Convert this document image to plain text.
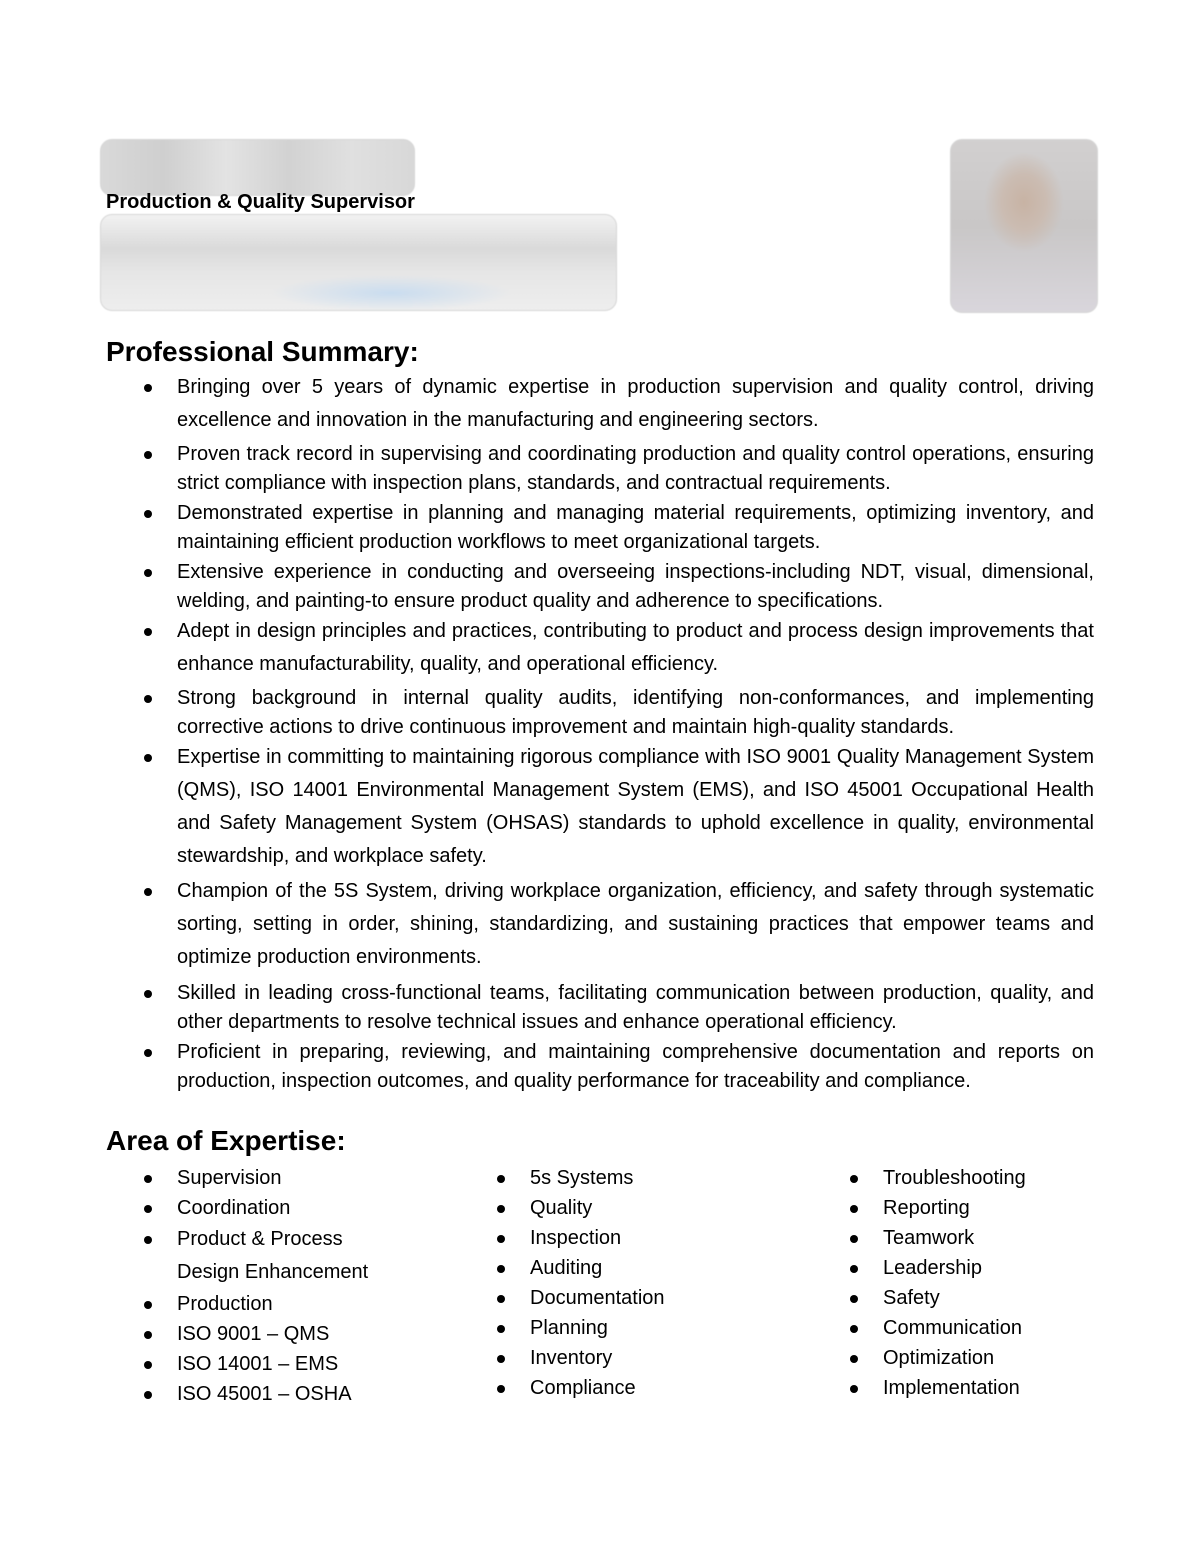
Production & Quality Supervisor
Professional Summary:
Bringing over 5 years of dynamic expertise in production supervision and quality control, driving excellence and innovation in the manufacturing and engineering sectors.
Proven track record in supervising and coordinating production and quality control operations, ensuring strict compliance with inspection plans, standards, and contractual requirements.
Demonstrated expertise in planning and managing material requirements, optimizing inventory, and maintaining efficient production workflows to meet organizational targets.
Extensive experience in conducting and overseeing inspections-including NDT, visual, dimensional, welding, and painting-to ensure product quality and adherence to specifications.
Adept in design principles and practices, contributing to product and process design improvements that enhance manufacturability, quality, and operational efficiency.
Strong background in internal quality audits, identifying non-conformances, and implementing corrective actions to drive continuous improvement and maintain high-quality standards.
Expertise in committing to maintaining rigorous compliance with ISO 9001 Quality Management System (QMS), ISO 14001 Environmental Management System (EMS), and ISO 45001 Occupational Health and Safety Management System (OHSAS) standards to uphold excellence in quality, environmental stewardship, and workplace safety.
Champion of the 5S System, driving workplace organization, efficiency, and safety through systematic sorting, setting in order, shining, standardizing, and sustaining practices that empower teams and optimize production environments.
Skilled in leading cross-functional teams, facilitating communication between production, quality, and other departments to resolve technical issues and enhance operational efficiency.
Proficient in preparing, reviewing, and maintaining comprehensive documentation and reports on production, inspection outcomes, and quality performance for traceability and compliance.
Area of Expertise:
Supervision
Coordination
Product & Process Design Enhancement
Production
ISO 9001 – QMS
ISO 14001 – EMS
ISO 45001 – OSHA
5s Systems
Quality
Inspection
Auditing
Documentation
Planning
Inventory
Compliance
Troubleshooting
Reporting
Teamwork
Leadership
Safety
Communication
Optimization
Implementation
